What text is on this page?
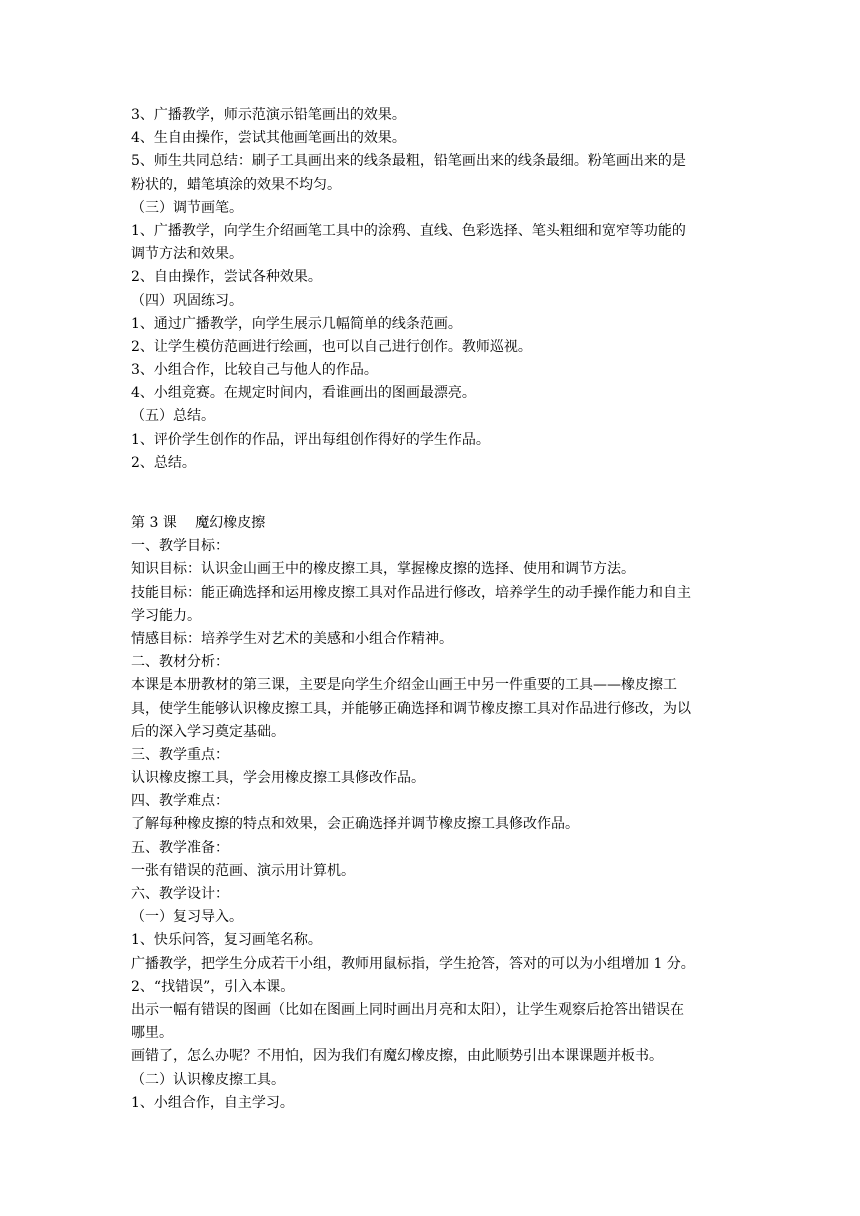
3、广播教学，师示范演示铅笔画出的效果。
4、生自由操作，尝试其他画笔画出的效果。
5、师生共同总结：刷子工具画出来的线条最粗，铅笔画出来的线条最细。粉笔画出来的是
粉状的，蜡笔填涂的效果不均匀。
（三）调节画笔。
1、广播教学，向学生介绍画笔工具中的涂鸦、直线、色彩选择、笔头粗细和宽窄等功能的
调节方法和效果。
2、自由操作，尝试各种效果。
（四）巩固练习。
1、通过广播教学，向学生展示几幅简单的线条范画。
2、让学生模仿范画进行绘画，也可以自己进行创作。教师巡视。
3、小组合作，比较自己与他人的作品。
4、小组竞赛。在规定时间内，看谁画出的图画最漂亮。
（五）总结。
1、评价学生创作的作品，评出每组创作得好的学生作品。
2、总结。
第 3 课　 魔幻橡皮擦
一、教学目标：
知识目标：认识金山画王中的橡皮擦工具，掌握橡皮擦的选择、使用和调节方法。
技能目标：能正确选择和运用橡皮擦工具对作品进行修改，培养学生的动手操作能力和自主
学习能力。
情感目标：培养学生对艺术的美感和小组合作精神。
二、教材分析：
本课是本册教材的第三课，主要是向学生介绍金山画王中另一件重要的工具——橡皮擦工
具，使学生能够认识橡皮擦工具，并能够正确选择和调节橡皮擦工具对作品进行修改，为以
后的深入学习奠定基础。
三、教学重点：
认识橡皮擦工具，学会用橡皮擦工具修改作品。
四、教学难点：
了解每种橡皮擦的特点和效果，会正确选择并调节橡皮擦工具修改作品。
五、教学准备：
一张有错误的范画、演示用计算机。
六、教学设计：
（一）复习导入。
1、快乐问答，复习画笔名称。
广播教学，把学生分成若干小组，教师用鼠标指，学生抢答，答对的可以为小组增加 1 分。
2、“找错误”，引入本课。
出示一幅有错误的图画（比如在图画上同时画出月亮和太阳），让学生观察后抢答出错误在
哪里。
画错了，怎么办呢？不用怕，因为我们有魔幻橡皮擦，由此顺势引出本课课题并板书。
（二）认识橡皮擦工具。
1、小组合作，自主学习。
